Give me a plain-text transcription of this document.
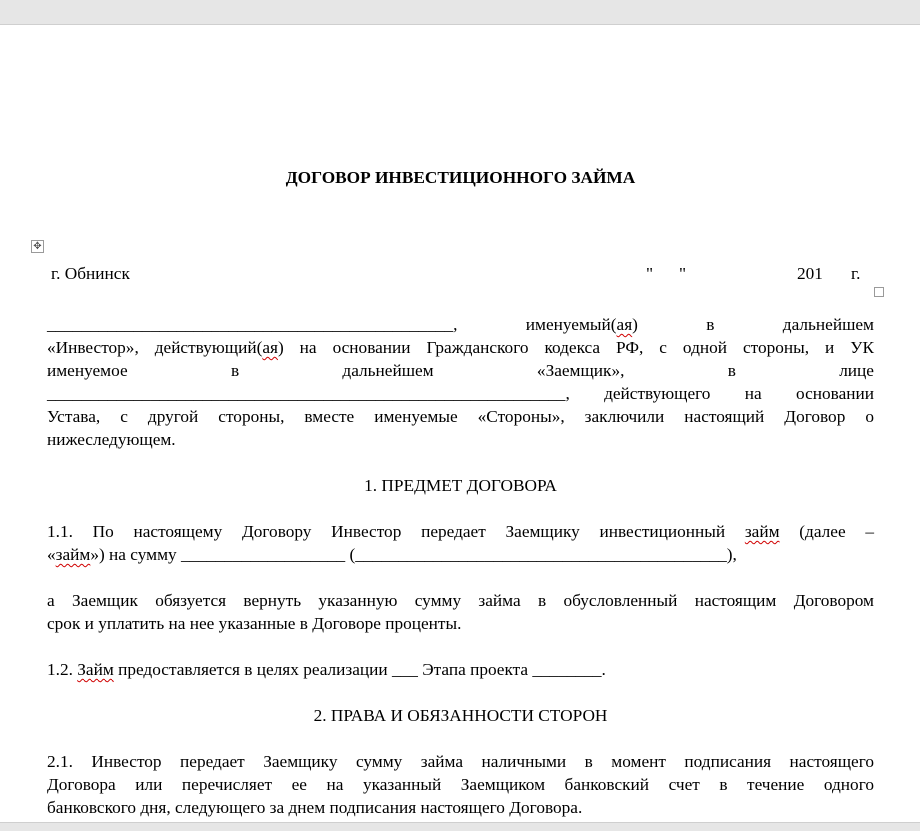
ДОГОВОР ИНВЕСТИЦИОННОГО ЗАЙМА
✥
г. Обнинск	"      "	201 г.
_______________________________________________,	именуемый(ая)	в	дальнейшем
«Инвестор», действующий(ая) на основании Гражданского кодекса РФ, с одной стороны, и УК
именуемое	в	дальнейшем	«Заемщик»,	в	лице
____________________________________________________________, действующего на основании
Устава, с другой стороны, вместе именуемые «Стороны», заключили настоящий Договор о
нижеследующем.
1. ПРЕДМЕТ ДОГОВОРА
1.1. По настоящему Договору Инвестор передает Заемщику инвестиционный займ (далее –
«займ») на сумму ___________________ (___________________________________________),
а Заемщик обязуется вернуть указанную сумму займа в обусловленный настоящим Договором
срок и уплатить на нее указанные в Договоре проценты.
1.2. Займ предоставляется в целях реализации ___ Этапа проекта ________.
2. ПРАВА И ОБЯЗАННОСТИ СТОРОН
2.1. Инвестор передает Заемщику сумму займа наличными в момент подписания настоящего
Договора или перечисляет ее на указанный Заемщиком банковский счет в течение одного
банковского дня, следующего за днем подписания настоящего Договора.
